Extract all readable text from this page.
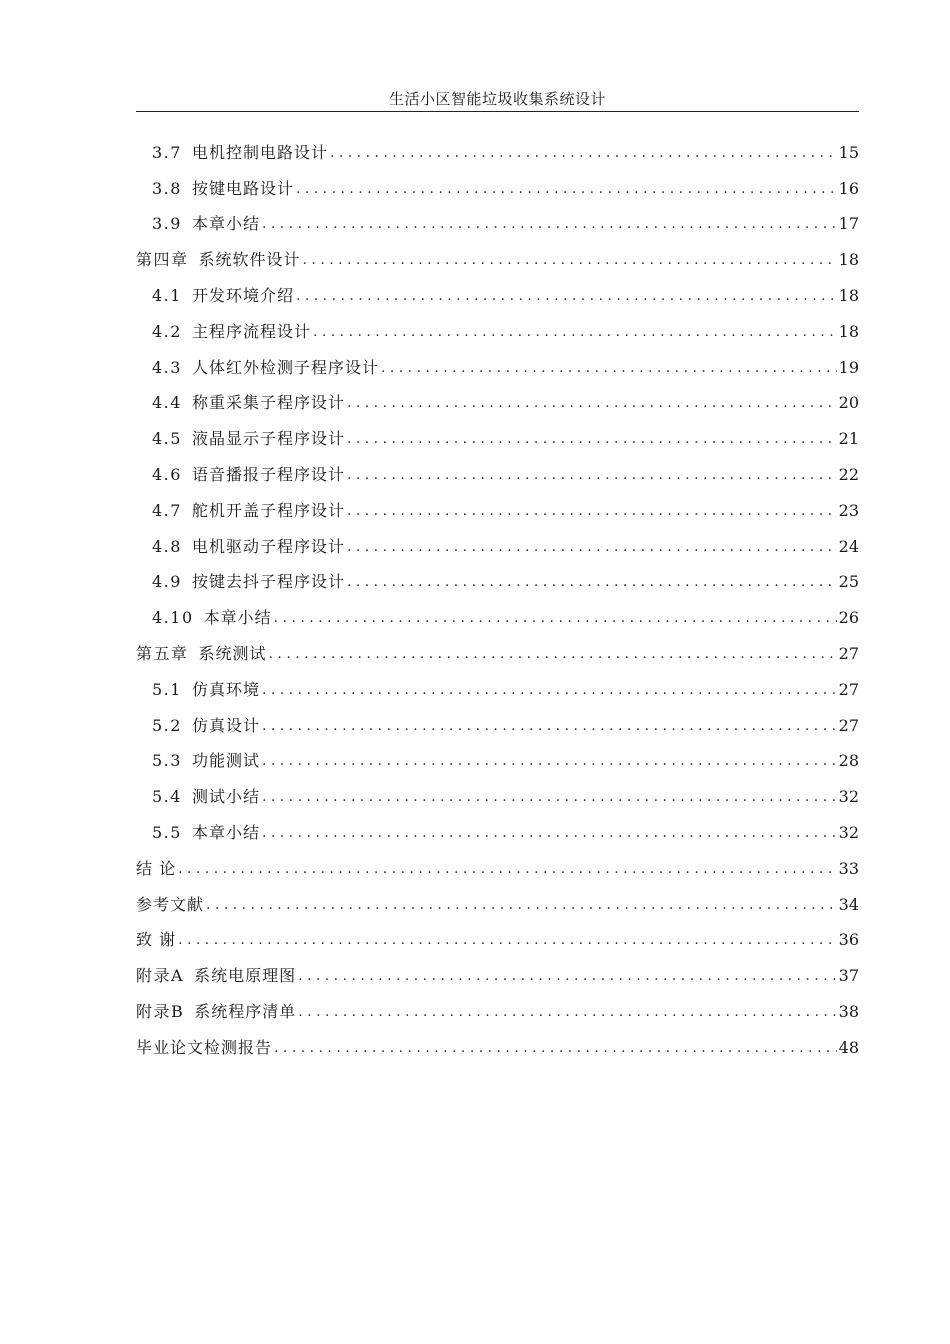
生活小区智能垃圾收集系统设计
3.7 电机控制电路设计 . . .	15
3.8 按键电路设计 . . .	16
3.9 本章小结 . . .	17
第四章 系统软件设计 . . .	18
4.1 开发环境介绍 . . .	18
4.2 主程序流程设计 . . .	18
4.3 人体红外检测子程序设计 . . .	19
4.4 称重采集子程序设计 . . .	20
4.5 液晶显示子程序设计 . . .	21
4.6 语音播报子程序设计 . . .	22
4.7 舵机开盖子程序设计 . . .	23
4.8 电机驱动子程序设计 . . .	24
4.9 按键去抖子程序设计 . . .	25
4.10 本章小结 . . .	26
第五章 系统测试 . . .	27
5.1 仿真环境 . . .	27
5.2 仿真设计 . . .	27
5.3 功能测试 . . .	28
5.4 测试小结 . . .	32
5.5 本章小结 . . .	32
结 论 . . .	33
参考文献 . . .	34
致 谢 . . .	36
附录A 系统电原理图 . . .	37
附录B 系统程序清单 . . .	38
毕业论文检测报告 . . .	48
